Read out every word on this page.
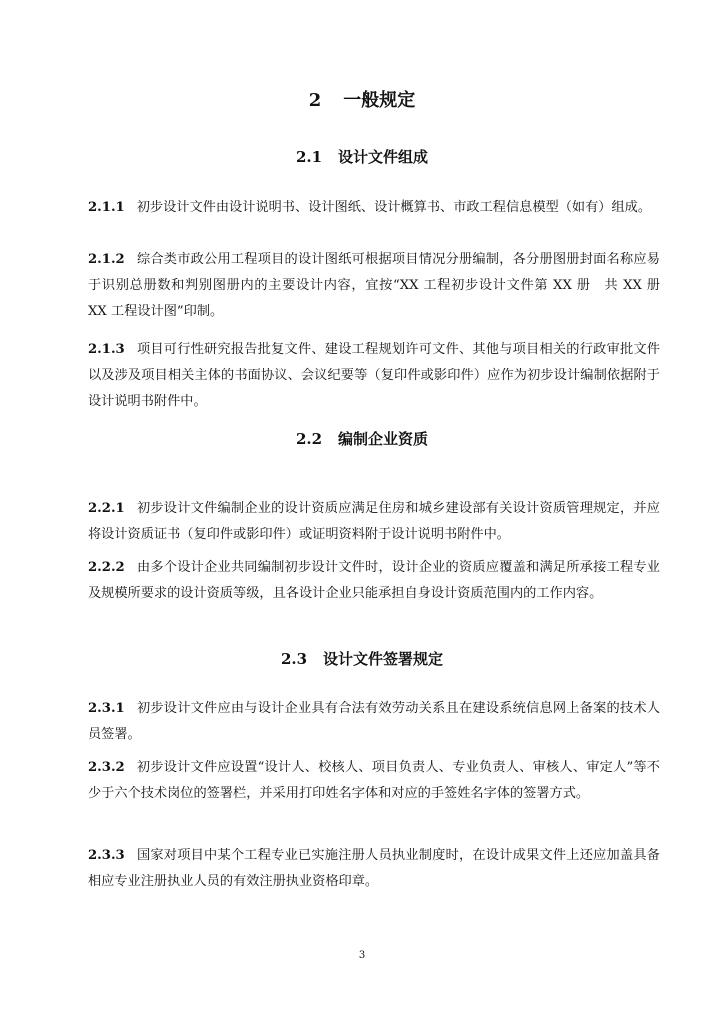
2 一般规定
2.1 设计文件组成
2.1.1 初步设计文件由设计说明书、设计图纸、设计概算书、市政工程信息模型（如有）组成。
2.1.2 综合类市政公用工程项目的设计图纸可根据项目情况分册编制，各分册图册封面名称应易于识别总册数和判别图册内的主要设计内容，宜按“XX 工程初步设计文件第 XX 册　共 XX 册　XX 工程设计图”印制。
2.1.3 项目可行性研究报告批复文件、建设工程规划许可文件、其他与项目相关的行政审批文件以及涉及项目相关主体的书面协议、会议纪要等（复印件或影印件）应作为初步设计编制依据附于设计说明书附件中。
2.2 编制企业资质
2.2.1 初步设计文件编制企业的设计资质应满足住房和城乡建设部有关设计资质管理规定，并应将设计资质证书（复印件或影印件）或证明资料附于设计说明书附件中。
2.2.2 由多个设计企业共同编制初步设计文件时，设计企业的资质应覆盖和满足所承接工程专业及规模所要求的设计资质等级，且各设计企业只能承担自身设计资质范围内的工作内容。
2.3 设计文件签署规定
2.3.1 初步设计文件应由与设计企业具有合法有效劳动关系且在建设系统信息网上备案的技术人员签署。
2.3.2 初步设计文件应设置“设计人、校核人、项目负责人、专业负责人、审核人、审定人”等不少于六个技术岗位的签署栏，并采用打印姓名字体和对应的手签姓名字体的签署方式。
2.3.3 国家对项目中某个工程专业已实施注册人员执业制度时，在设计成果文件上还应加盖具备相应专业注册执业人员的有效注册执业资格印章。
3
